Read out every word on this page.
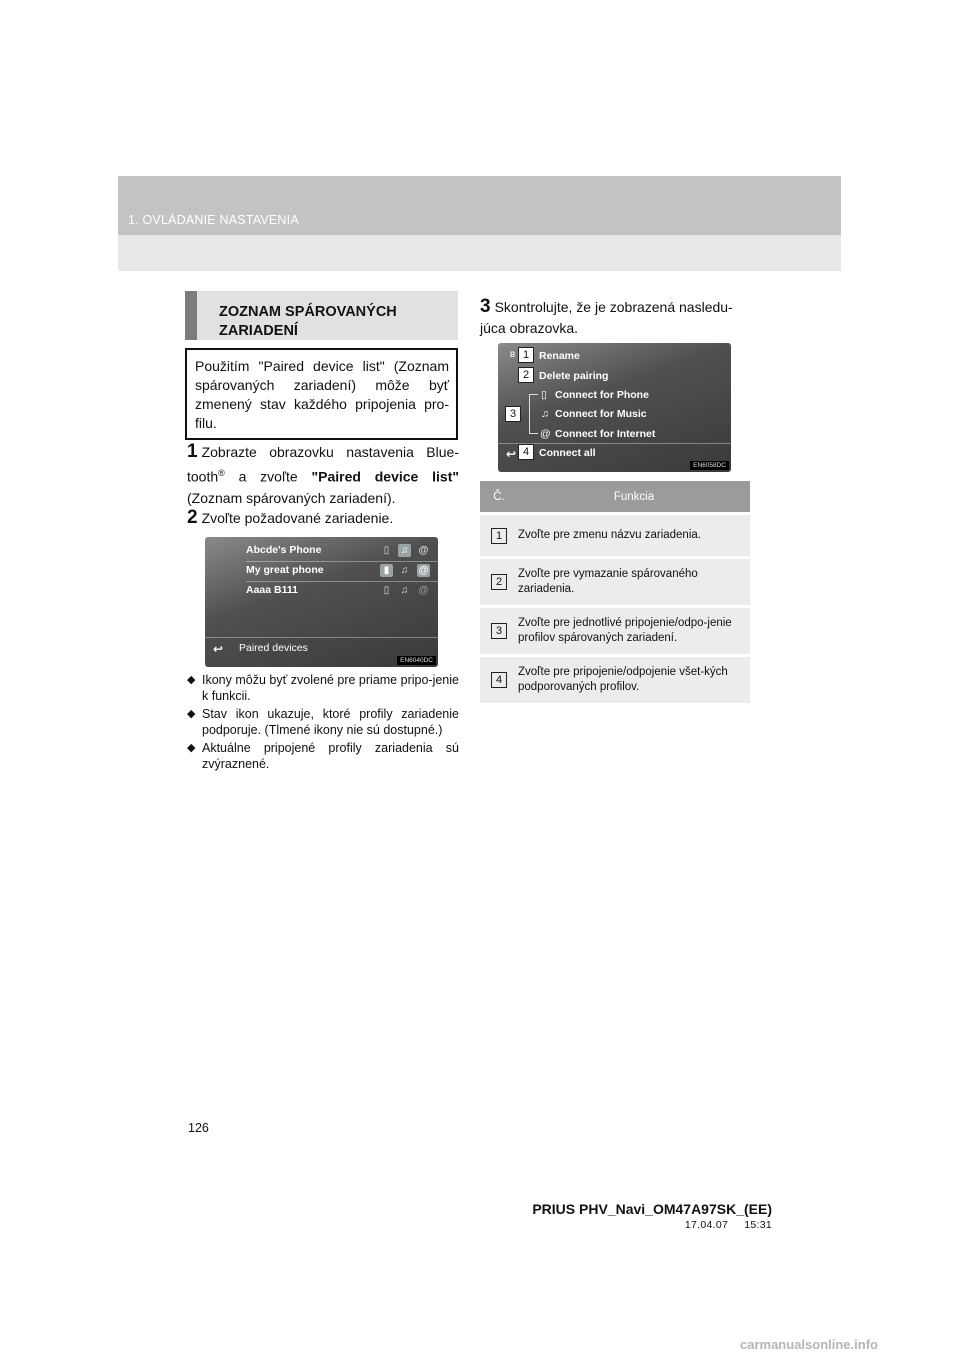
1. OVLÁDANIE NASTAVENIA
ZOZNAM SPÁROVANÝCH ZARIADENÍ
Použitím "Paired device list" (Zoznam spárovaných zariadení) môže byť zmenený stav každého pripojenia pro-filu.
1 Zobrazte obrazovku nastavenia Blue-tooth® a zvoľte "Paired device list" (Zoznam spárovaných zariadení).
2 Zvoľte požadované zariadenie.
Abcde's Phone	▯	♫ @
My great phone	▮	♫ @
Aaaa B111	▯	♫ @
↩ Paired devices
EN6040DC
◆ Ikony môžu byť zvolené pre priame pripo-jenie k funkcii.
◆ Stav ikon ukazuje, ktoré profily zariadenie podporuje. (Tlmené ikony nie sú dostupné.)
◆ Aktuálne pripojené profily zariadenia sú zvýraznené.
3 Skontrolujte, že je zobrazená nasledu-júca obrazovka.
ʙ	Rename
Delete pairing
▯ Connect for Phone
♫ Connect for Music
@ Connect for Internet
↩ Connect all
EN6058DC
1
2
3
4
Č.	Funkcia
1	Zvoľte pre zmenu názvu zariadenia.
2	Zvoľte pre vymazanie spárovaného zariadenia.
3	Zvoľte pre jednotlivé pripojenie/odpo-jenie profilov spárovaných zariadení.
4	Zvoľte pre pripojenie/odpojenie všet-kých podporovaných profilov.
126
PRIUS PHV_Navi_OM47A97SK_(EE)
17.04.07     15:31
carmanualsonline.info
